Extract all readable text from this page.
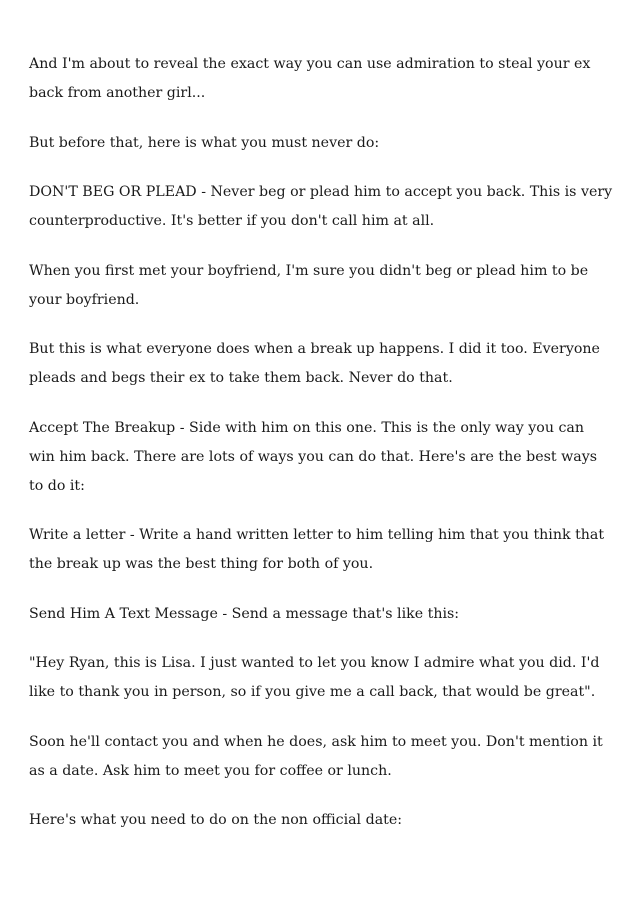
And I'm about to reveal the exact way you can use admiration to steal your ex back from another girl...

But before that, here is what you must never do:

DON'T BEG OR PLEAD - Never beg or plead him to accept you back. This is very counterproductive. It's better if you don't call him at all.

When you first met your boyfriend, I'm sure you didn't beg or plead him to be your boyfriend.

But this is what everyone does when a break up happens. I did it too. Everyone pleads and begs their ex to take them back. Never do that.

Accept The Breakup - Side with him on this one. This is the only way you can win him back. There are lots of ways you can do that. Here's are the best ways to do it:

Write a letter - Write a hand written letter to him telling him that you think that the break up was the best thing for both of you.

Send Him A Text Message - Send a message that's like this:

"Hey Ryan, this is Lisa. I just wanted to let you know I admire what you did. I'd like to thank you in person, so if you give me a call back, that would be great".

Soon he'll contact you and when he does, ask him to meet you. Don't mention it as a date. Ask him to meet you for coffee or lunch.

Here's what you need to do on the non official date:
